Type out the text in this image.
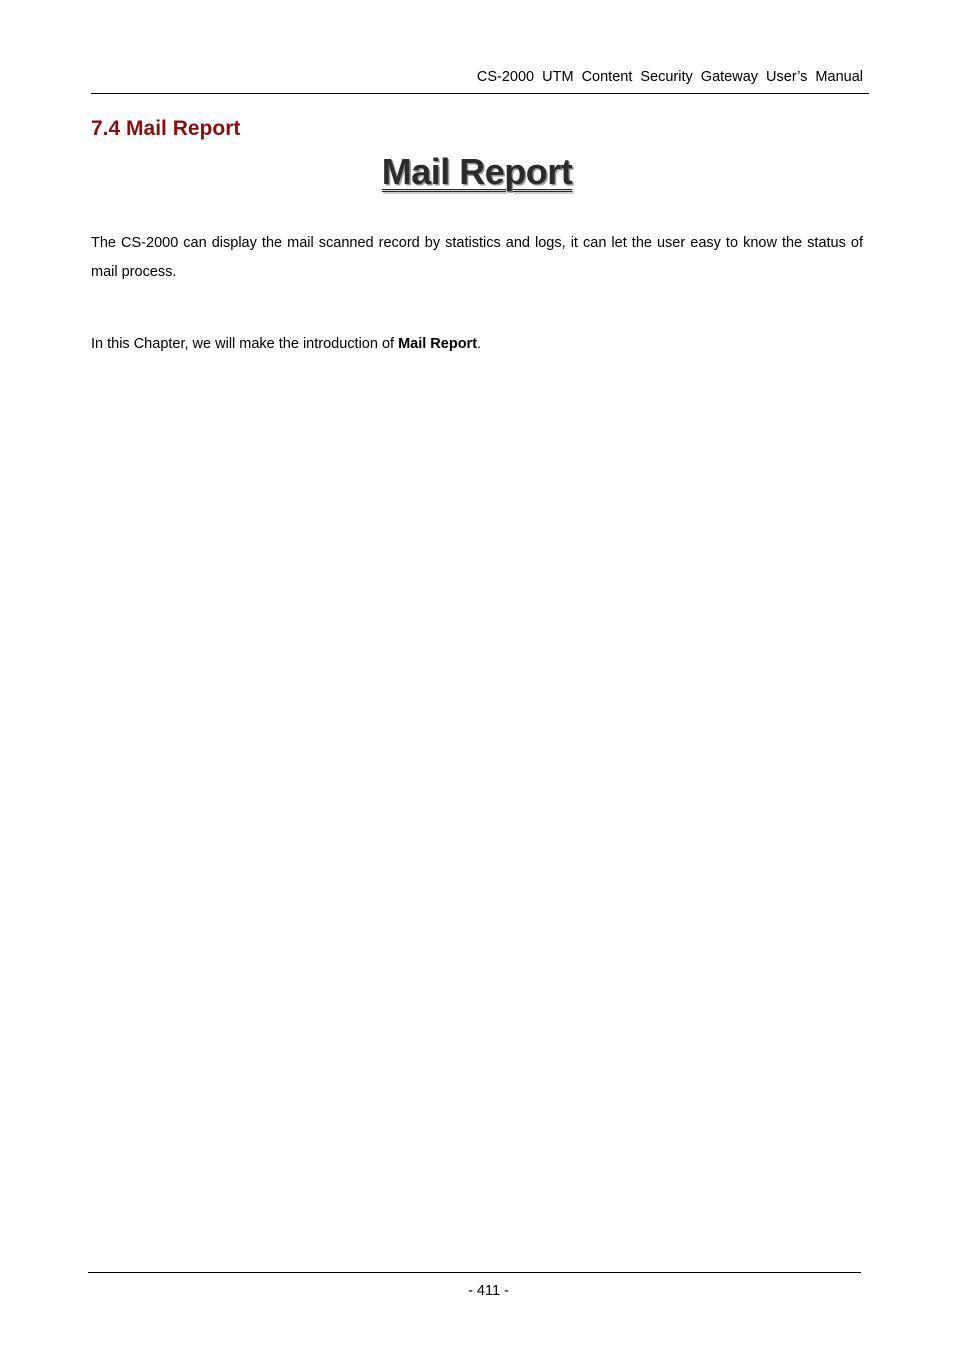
CS-2000 UTM Content Security Gateway User’s Manual
7.4 Mail Report
Mail Report

The CS-2000 can display the mail scanned record by statistics and logs, it can let the user easy to know the status of mail process.

In this Chapter, we will make the introduction of Mail Report.

- 411 -
